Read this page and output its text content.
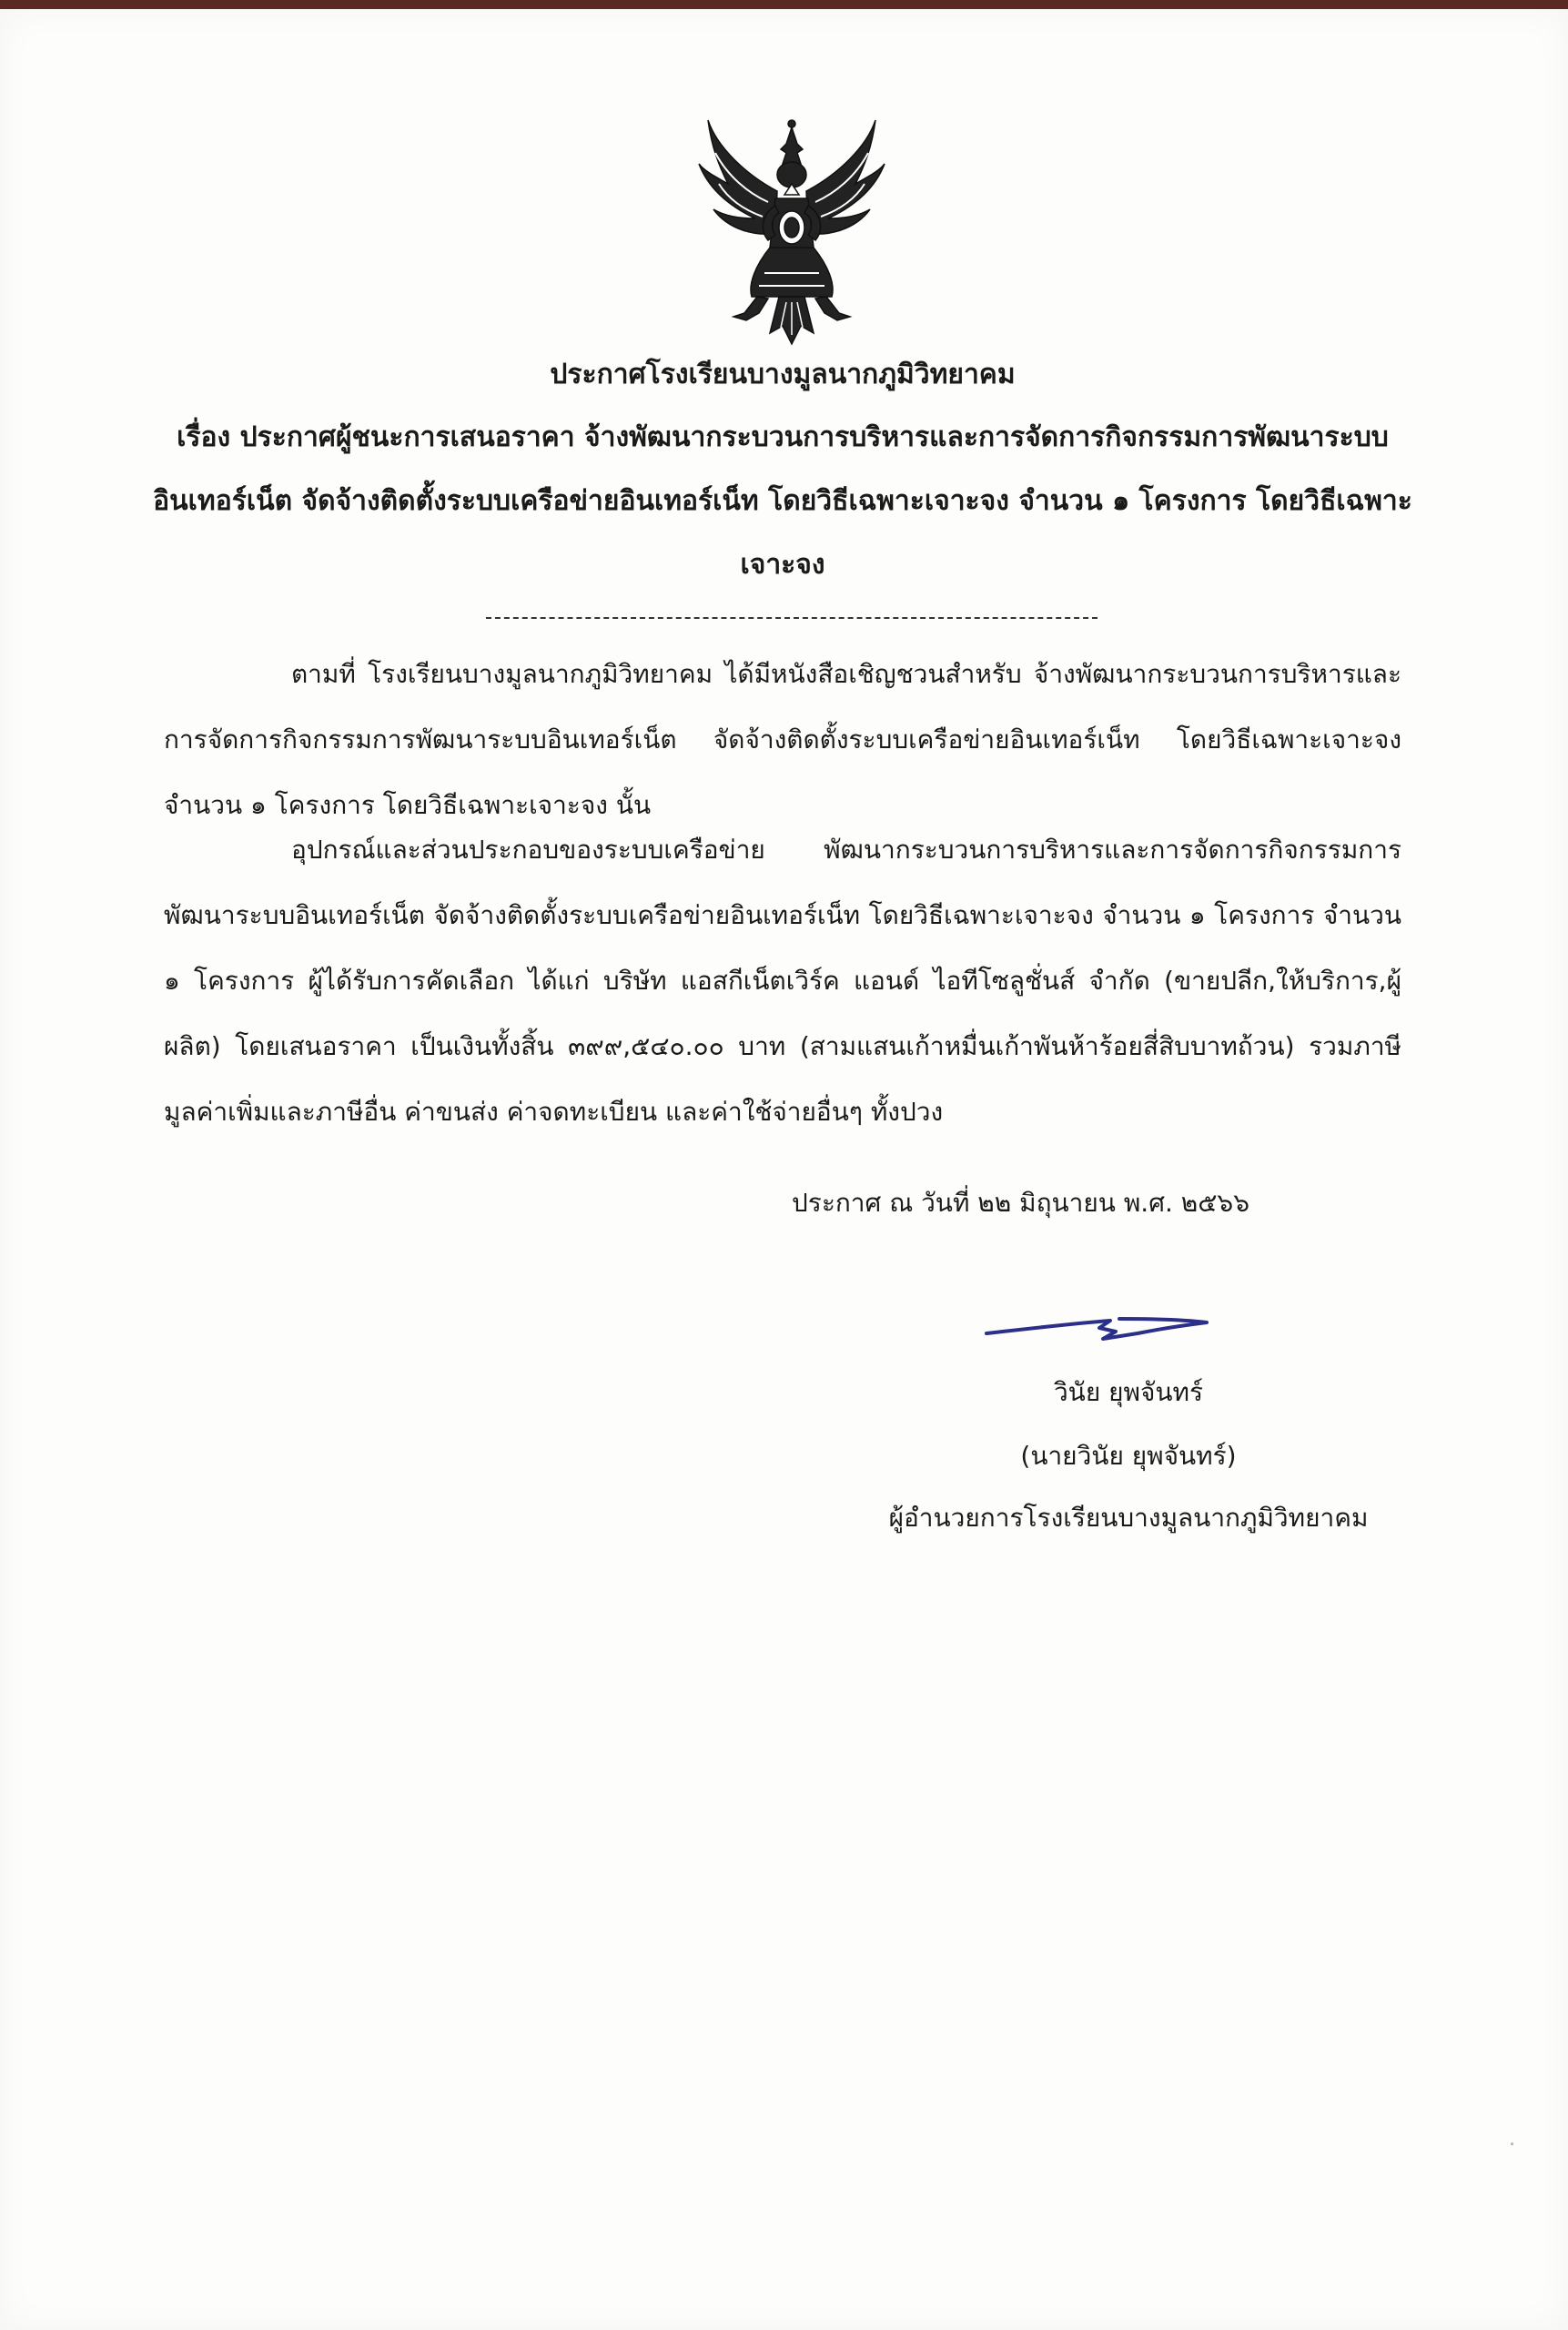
ประกาศโรงเรียนบางมูลนากภูมิวิทยาคม
เรื่อง ประกาศผู้ชนะการเสนอราคา จ้างพัฒนากระบวนการบริหารและการจัดการกิจกรรมการพัฒนาระบบอินเทอร์เน็ต จัดจ้างติดตั้งระบบเครือข่ายอินเทอร์เน็ท โดยวิธีเฉพาะเจาะจง จำนวน ๑ โครงการ โดยวิธีเฉพาะเจาะจง
ตามที่ โรงเรียนบางมูลนากภูมิวิทยาคม ได้มีหนังสือเชิญชวนสำหรับ จ้างพัฒนากระบวนการบริหารและการจัดการกิจกรรมการพัฒนาระบบอินเทอร์เน็ต จัดจ้างติดตั้งระบบเครือข่ายอินเทอร์เน็ท โดยวิธีเฉพาะเจาะจง จำนวน ๑ โครงการ โดยวิธีเฉพาะเจาะจง นั้น
อุปกรณ์และส่วนประกอบของระบบเครือข่าย พัฒนากระบวนการบริหารและการจัดการกิจกรรมการพัฒนาระบบอินเทอร์เน็ต จัดจ้างติดตั้งระบบเครือข่ายอินเทอร์เน็ท โดยวิธีเฉพาะเจาะจง จำนวน ๑ โครงการ จำนวน ๑ โครงการ ผู้ได้รับการคัดเลือก ได้แก่ บริษัท แอสกีเน็ตเวิร์ค แอนด์ ไอทีโซลูชั่นส์ จำกัด (ขายปลีก,ให้บริการ,ผู้ผลิต) โดยเสนอราคา เป็นเงินทั้งสิ้น ๓๙๙,๕๔๐.๐๐ บาท (สามแสนเก้าหมื่นเก้าพันห้าร้อยสี่สิบบาทถ้วน) รวมภาษีมูลค่าเพิ่มและภาษีอื่น ค่าขนส่ง ค่าจดทะเบียน และค่าใช้จ่ายอื่นๆ ทั้งปวง
ประกาศ ณ วันที่ ๒๒ มิถุนายน พ.ศ. ๒๕๖๖
วินัย ยุพจันทร์
(นายวินัย ยุพจันทร์)
ผู้อำนวยการโรงเรียนบางมูลนากภูมิวิทยาคม
